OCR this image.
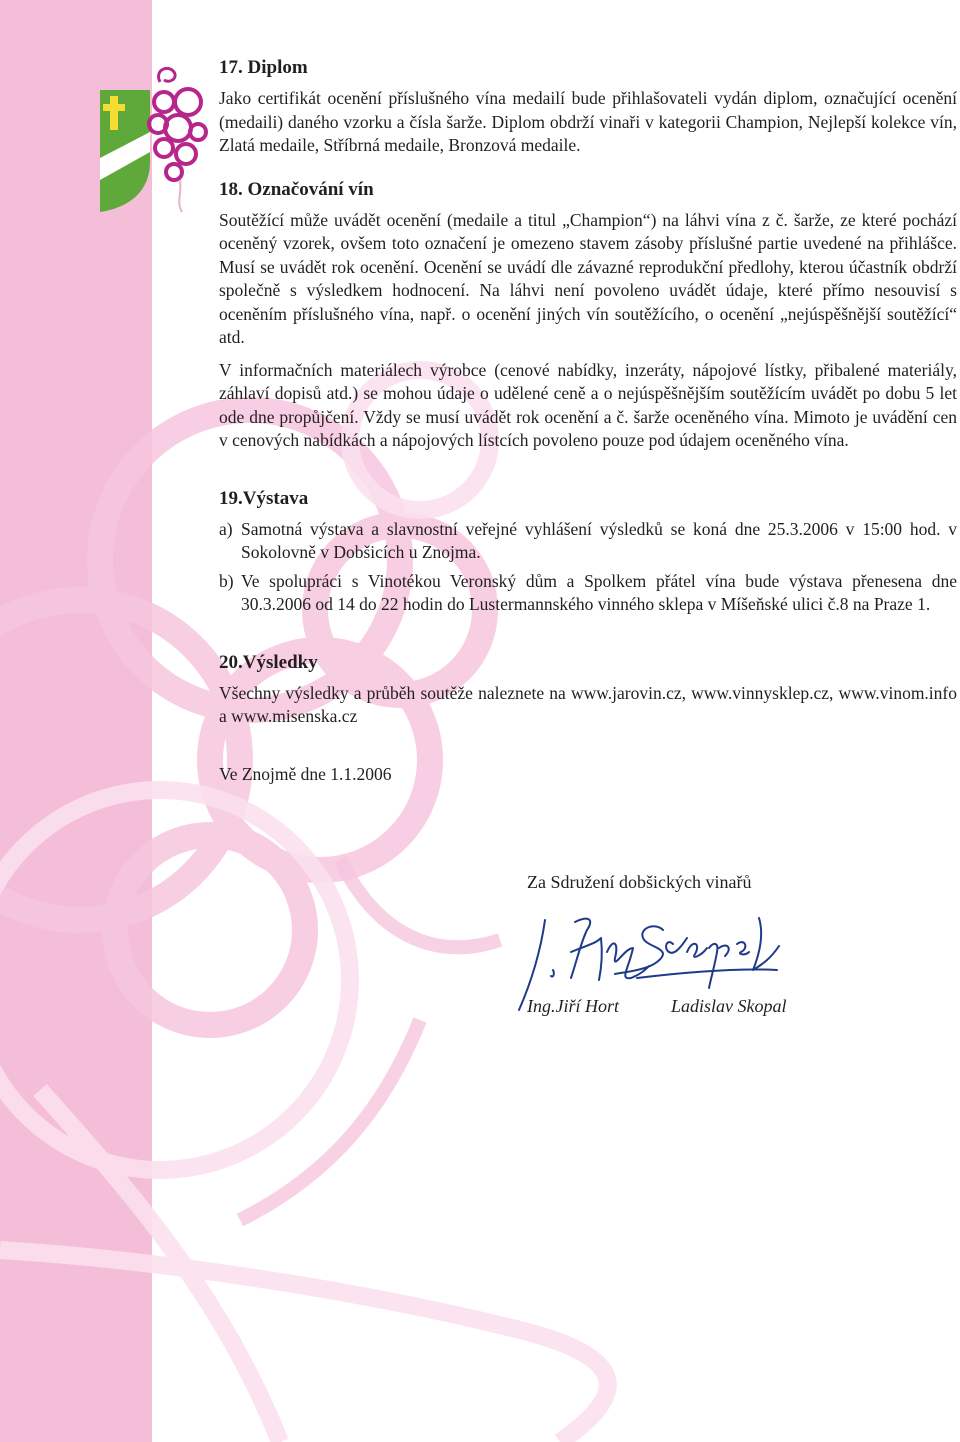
17. Diplom

Jako certifikát ocenění příslušného vína medailí bude přihlašovateli vydán diplom, označující ocenění (medaili) daného vzorku a čísla šarže. Diplom obdrží vinaři v kategorii Champion, Nejlepší kolekce vín, Zlatá medaile, Stříbrná medaile, Bronzová medaile.

18. Označování vín

Soutěžící může uvádět ocenění (medaile a titul „Champion“) na láhvi vína z č. šarže, ze které pochází oceněný vzorek, ovšem toto označení je omezeno stavem zásoby příslušné partie uvedené na přihlášce. Musí se uvádět rok ocenění. Ocenění se uvádí dle závazné reprodukční předlohy, kterou účastník obdrží společně s výsledkem hodnocení. Na láhvi není povoleno uvádět údaje, které přímo nesouvisí s oceněním příslušného vína, např. o ocenění jiných vín soutěžícího, o ocenění „nejúspěšnější soutěžící“ atd.

V informačních materiálech výrobce (cenové nabídky, inzeráty, nápojové lístky, přibalené materiály, záhlaví dopisů atd.) se mohou údaje o udělené ceně a o nejúspěšnějším soutěžícím uvádět po dobu 5 let ode dne propůjčení. Vždy se musí uvádět rok ocenění a č. šarže oceněného vína. Mimoto je uvádění cen v cenových nabídkách a nápojových lístcích povoleno pouze pod údajem oceněného vína.

19.Výstava
a) Samotná výstava a slavnostní veřejné vyhlášení výsledků se koná dne 25.3.2006 v 15:00 hod. v Sokolovně v Dobšicích u Znojma.
b) Ve spolupráci s Vinotékou Veronský dům a Spolkem přátel vína bude výstava přenesena dne 30.3.2006 od 14 do 22 hodin do Lustermannského vinného sklepa v Míšeňské ulici č.8 na Praze 1.
20.Výsledky

Všechny výsledky a průběh soutěže naleznete na www.jarovin.cz, www.vinnysklep.cz, www.vinom.info a www.misenska.cz

Ve Znojmě dne 1.1.2006
Za Sdružení dobšických vinařů
Ing.Jiří Hort	Ladislav Skopal
